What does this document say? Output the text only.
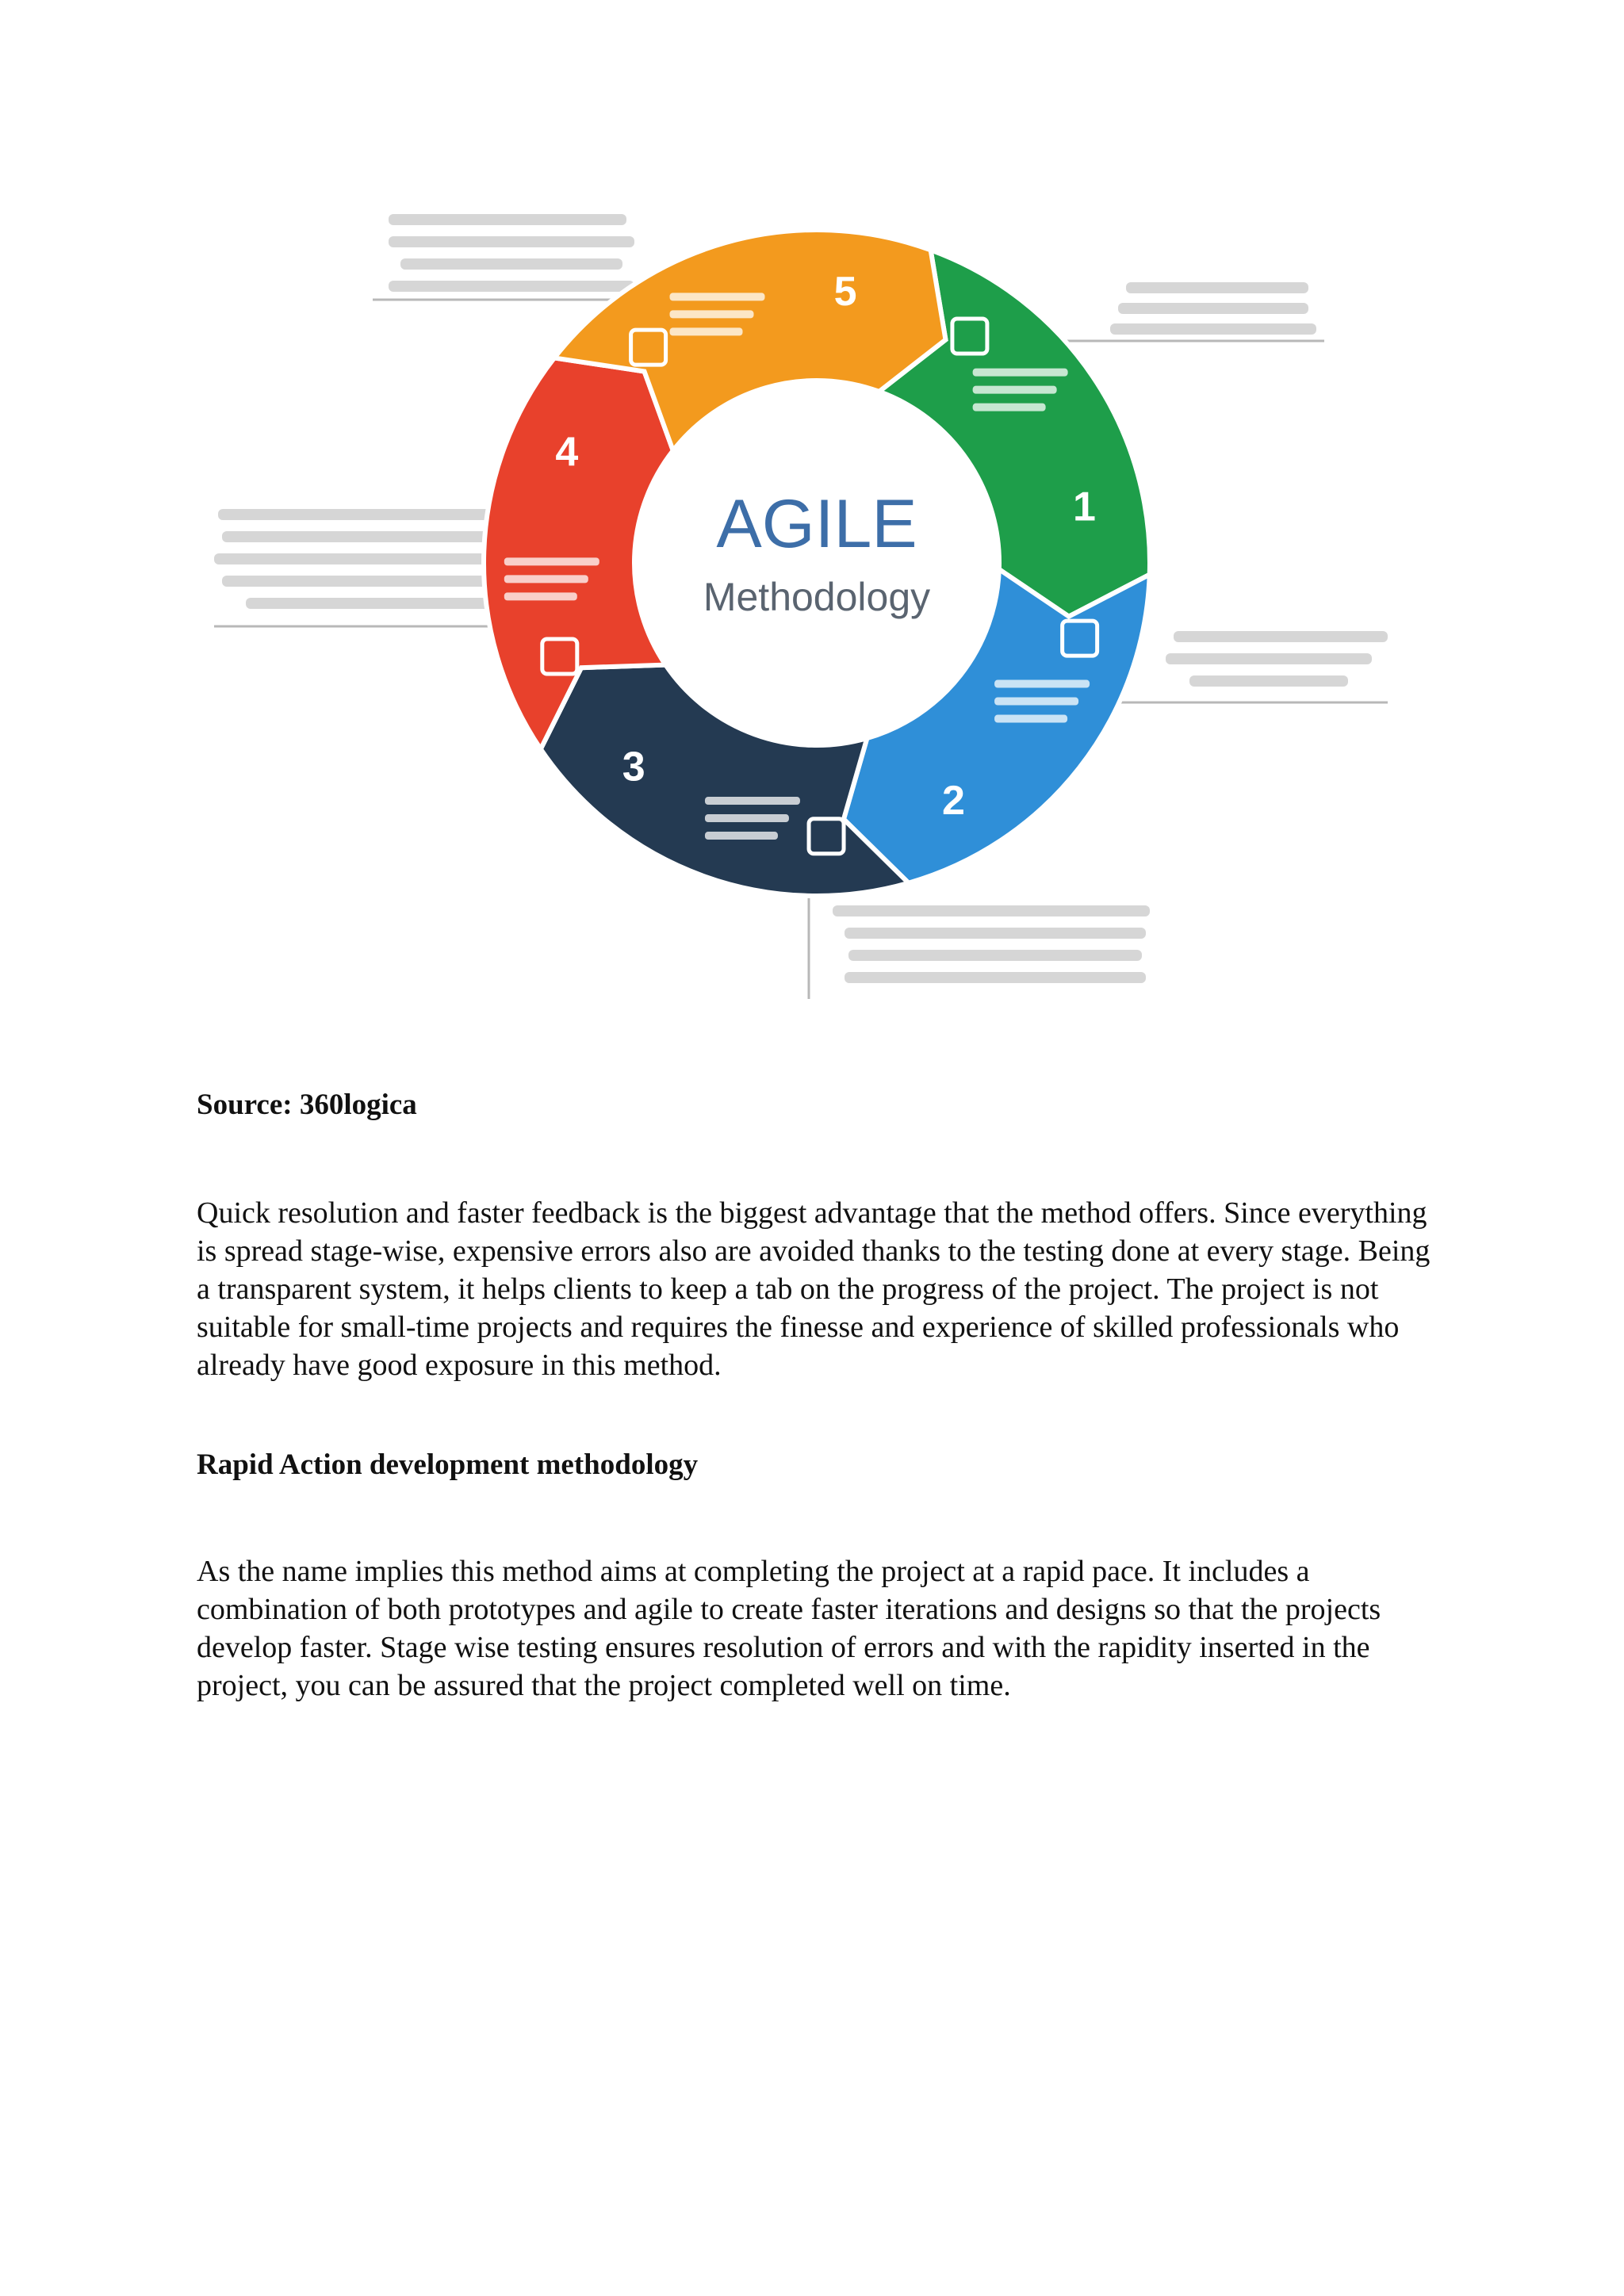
AGILE
Methodology
1
2
3
4
5

Source: 360logica

Quick resolution and faster feedback is the biggest advantage that the method offers. Since everything is spread stage-wise, expensive errors also are avoided thanks to the testing done at every stage. Being a transparent system, it helps clients to keep a tab on the progress of the project. The project is not suitable for small-time projects and requires the finesse and experience of skilled professionals who already have good exposure in this method.

Rapid Action development methodology

As the name implies this method aims at completing the project at a rapid pace. It includes a combination of both prototypes and agile to create faster iterations and designs so that the projects develop faster. Stage wise testing ensures resolution of errors and with the rapidity inserted in the project, you can be assured that the project completed well on time.
